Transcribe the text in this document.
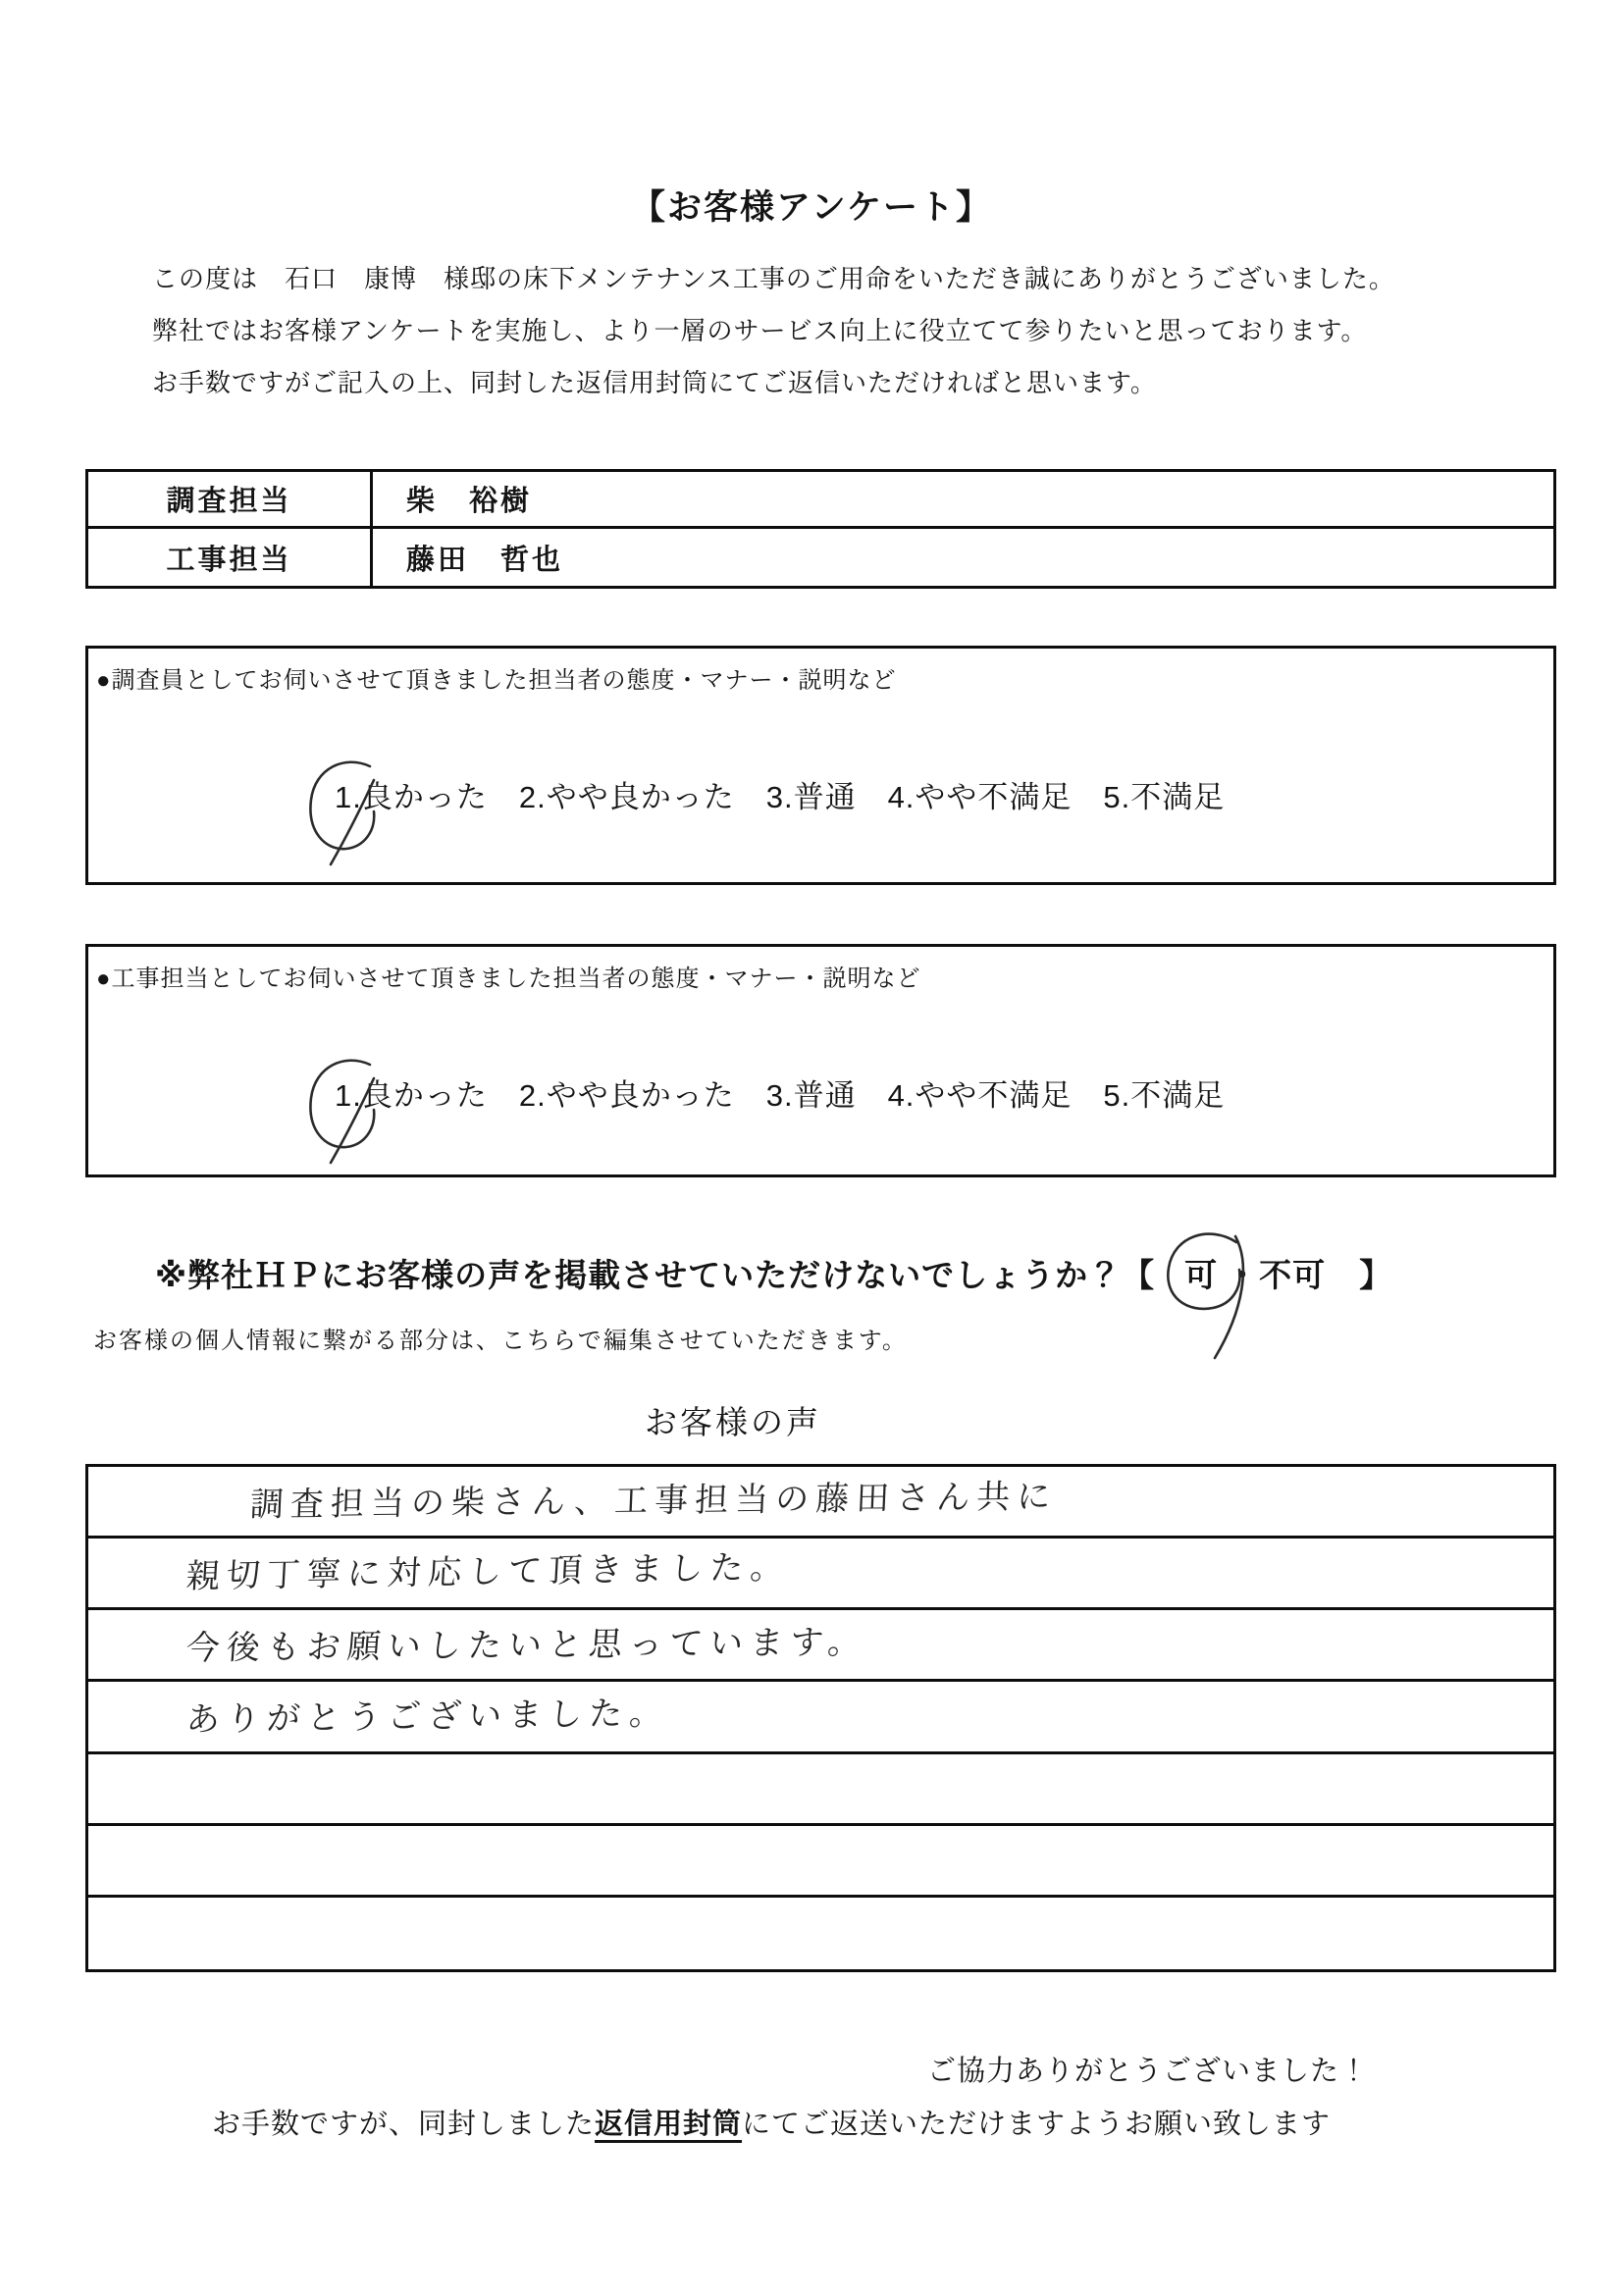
【お客様アンケート】
この度は　石口　康博　様邸の床下メンテナンス工事のご用命をいただき誠にありがとうございました。
弊社ではお客様アンケートを実施し、より一層のサービス向上に役立てて参りたいと思っております。
お手数ですがご記入の上、同封した返信用封筒にてご返信いただければと思います。
調査担当	柴　裕樹
工事担当	藤田　哲也

●調査員としてお伺いさせて頂きました担当者の態度・マナー・説明など

1.良かった　2.やや良かった　3.普通　4.やや不満足　5.不満足

●工事担当としてお伺いさせて頂きました担当者の態度・マナー・説明など

1.良かった　2.やや良かった　3.普通　4.やや不満足　5.不満足
※弊社ＨＰにお客様の声を掲載させていただけないでしょうか？【 可 ・不可 】
お客様の個人情報に繋がる部分は、こちらで編集させていただきます。
お客様の声
調査担当の柴さん、工事担当の藤田さん共に
親切丁寧に対応して頂きました。
今後もお願いしたいと思っています。
ありがとうございました。
ご協力ありがとうございました！
お手数ですが、同封しました返信用封筒にてご返送いただけますようお願い致します
